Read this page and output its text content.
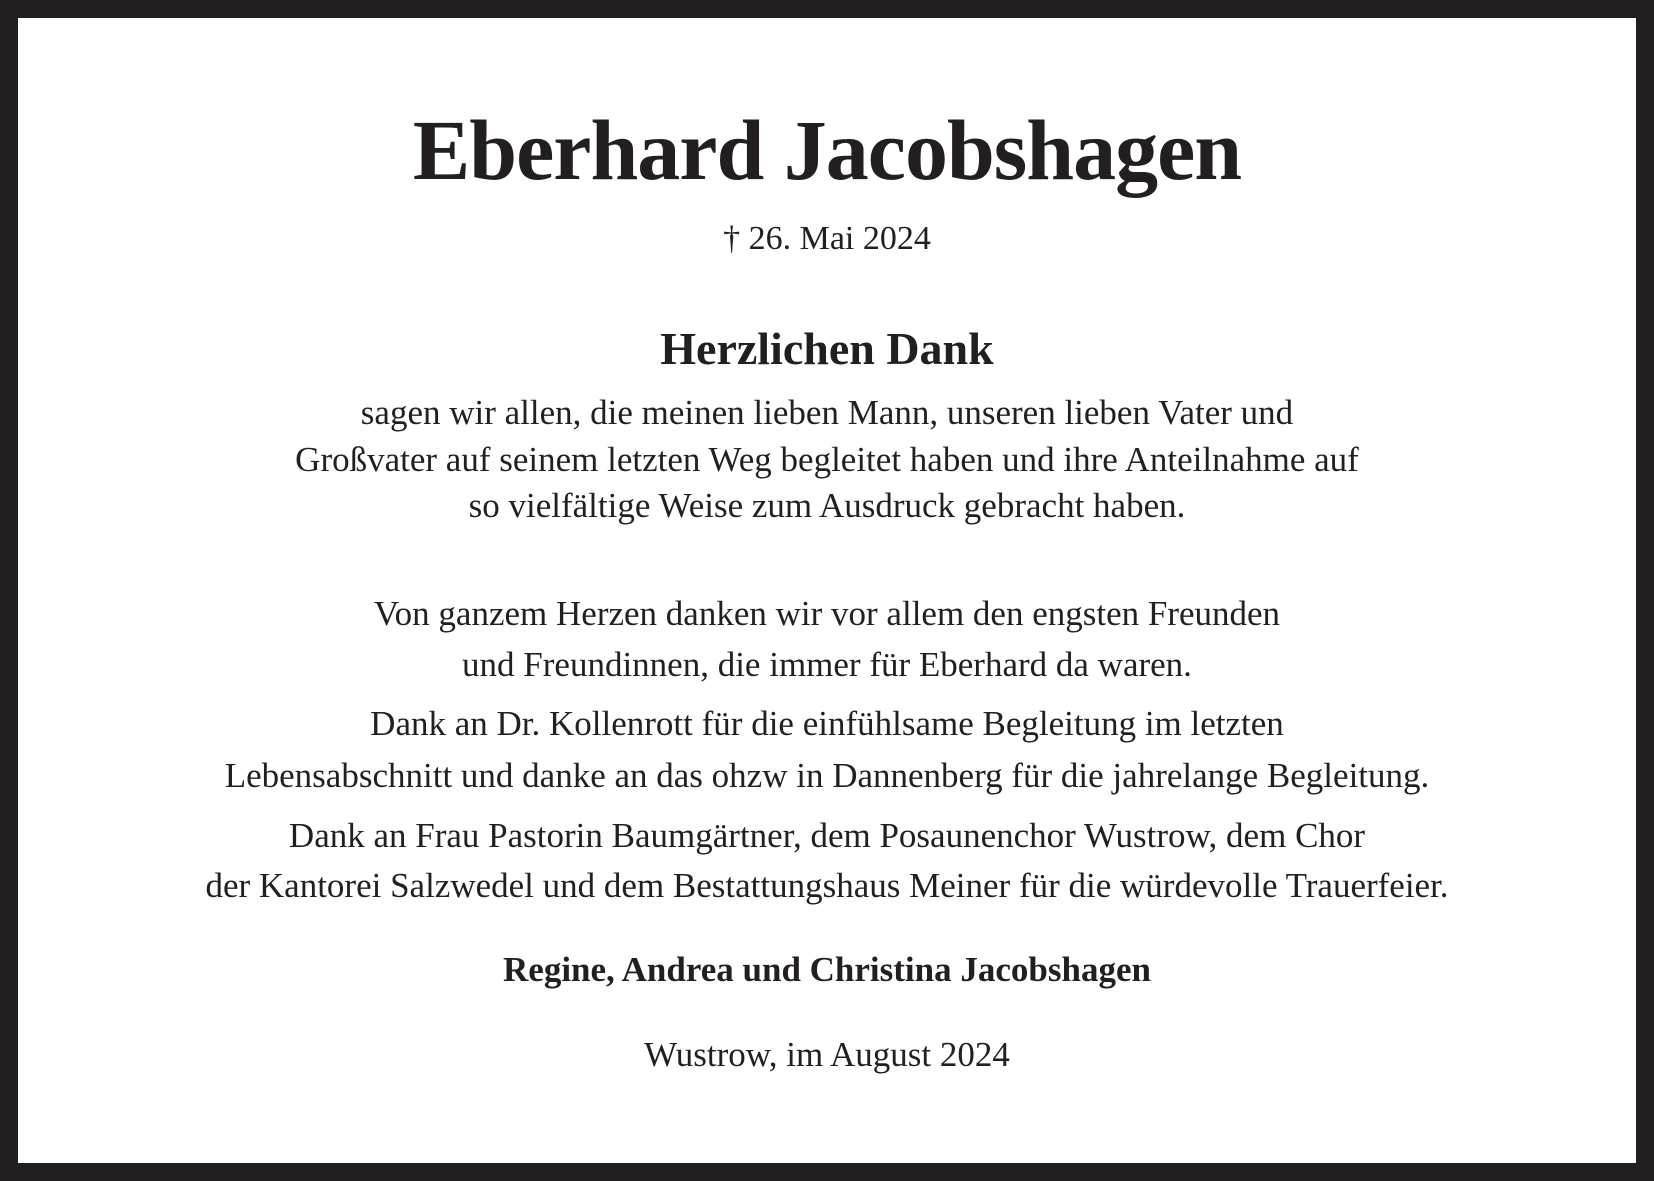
Eberhard Jacobshagen
† 26. Mai 2024
Herzlichen Dank
sagen wir allen, die meinen lieben Mann, unseren lieben Vater und
Großvater auf seinem letzten Weg begleitet haben und ihre Anteilnahme auf
so vielfältige Weise zum Ausdruck gebracht haben.
Von ganzem Herzen danken wir vor allem den engsten Freunden
und Freundinnen, die immer für Eberhard da waren.
Dank an Dr. Kollenrott für die einfühlsame Begleitung im letzten
Lebensabschnitt und danke an das ohzw in Dannenberg für die jahrelange Begleitung.
Dank an Frau Pastorin Baumgärtner, dem Posaunenchor Wustrow, dem Chor
der Kantorei Salzwedel und dem Bestattungshaus Meiner für die würdevolle Trauerfeier.
Regine, Andrea und Christina Jacobshagen
Wustrow, im August 2024
